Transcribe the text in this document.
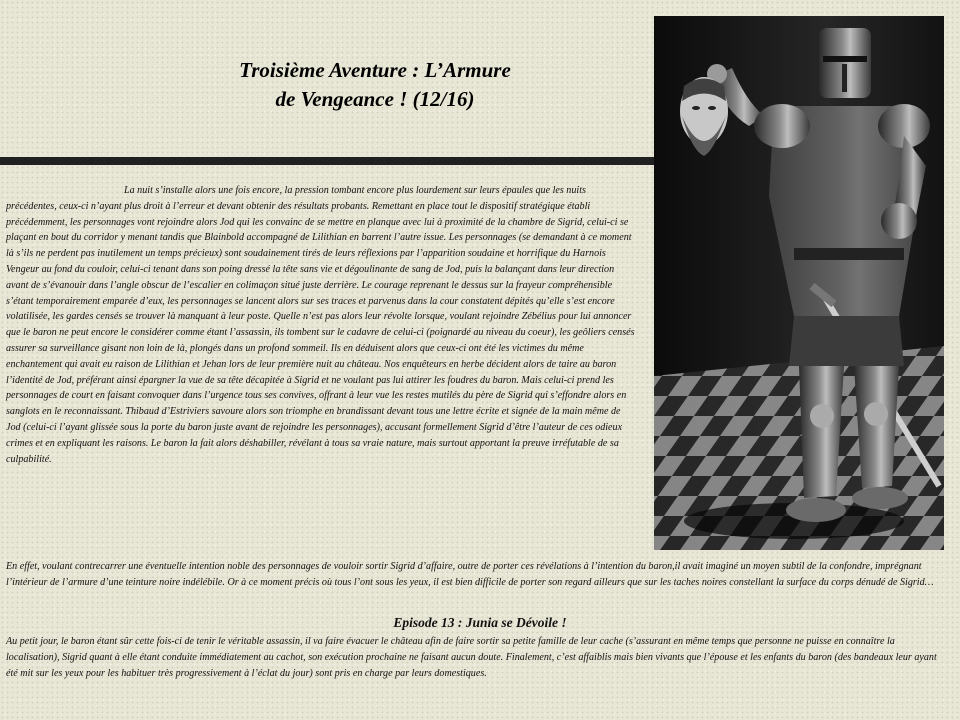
Troisième Aventure : L’Armure
de Vengeance ! (12/16)

La nuit s’installe alors une fois encore, la pression tombant encore plus lourdement sur leurs épaules que les nuits précédentes, ceux-ci n’ayant plus droit à l’erreur et devant obtenir des résultats probants. Remettant en place tout le dispositif stratégique établi précédemment, les personnages vont rejoindre alors Jod qui les convainc de se mettre en planque avec lui à proximité de la chambre de Sigrid, celui-ci se plaçant en bout du corridor y menant tandis que Blainbold accompagné de Lilithian en barrent l’autre issue. Les personnages (se demandant à ce moment là s’ils ne perdent pas inutilement un temps précieux) sont soudainement tirés de leurs réflexions par l’apparition soudaine et horrifique du Harnois Vengeur au fond du couloir, celui-ci tenant dans son poing dressé la tête sans vie et dégoulinante de sang de Jod, puis la balançant dans leur direction avant de s’évanouir dans l’angle obscur de l’escalier en colimaçon situé juste derrière. Le courage reprenant le dessus sur la frayeur compréhensible s’étant temporairement emparée d’eux, les personnages se lancent alors sur ses traces et parvenus dans la cour constatent dépités qu’elle s’est encore volatilisée, les gardes censés se trouver là manquant à leur poste. Quelle n’est pas alors leur révolte lorsque, voulant rejoindre Zébélius pour lui annoncer que le baron ne peut encore le considérer comme étant l’assassin, ils tombent sur le cadavre de celui-ci (poignardé au niveau du coeur), les geôliers censés assurer sa surveillance gisant non loin de là, plongés dans un profond sommeil. Ils en déduisent alors que ceux-ci ont été les victimes du même enchantement qui avait eu raison de Lilithian et Jehan lors de leur première nuit au château. Nos enquêteurs en herbe décident alors de taire au baron l’identité de Jod, préférant ainsi épargner la vue de sa tête décapitée à Sigrid et ne voulant pas lui attirer les foudres du baron. Mais celui-ci prend les personnages de court en faisant convoquer dans l’urgence tous ses convives, offrant à leur vue les restes mutilés du père de Sigrid qui s’effondre alors en sanglots en le reconnaissant. Thibaud d’Estriviers savoure alors son triomphe en brandissant devant tous une lettre écrite et signée de la main même de Jod (celui-ci l’ayant glissée sous la porte du baron juste avant de rejoindre les personnages), accusant formellement Sigrid d’être l’auteur de ces odieux crimes et en expliquant les raisons. Le baron la fait alors déshabiller, révélant à tous sa vraie nature, mais surtout apportant la preuve irréfutable de sa culpabilité.

En effet, voulant contrecarrer une éventuelle intention noble des personnages de vouloir sortir Sigrid d’affaire, outre de porter ces révélations à l’intention du baron,il avait imaginé un moyen subtil de la confondre, imprégnant l’intérieur de l’armure d’une teinture noire indélébile. Or à ce moment précis où tous l’ont sous les yeux, il est bien difficile de porter son regard ailleurs que sur les taches noires constellant la surface du corps dénudé de Sigrid…

Episode 13 : Junia se Dévoile !

Au petit jour, le baron étant sûr cette fois-ci de tenir le véritable assassin, il va faire évacuer le château afin de faire sortir sa petite famille de leur cache (s’assurant en même temps que personne ne puisse en connaître la localisation), Sigrid quant à elle étant conduite immédiatement au cachot, son exécution prochaine ne faisant aucun doute. Finalement, c’est affaiblis mais bien vivants que l’épouse et les enfants du baron (des bandeaux leur ayant été mit sur les yeux pour les habituer très progressivement à l’éclat du jour) sont pris en charge par leurs domestiques.
